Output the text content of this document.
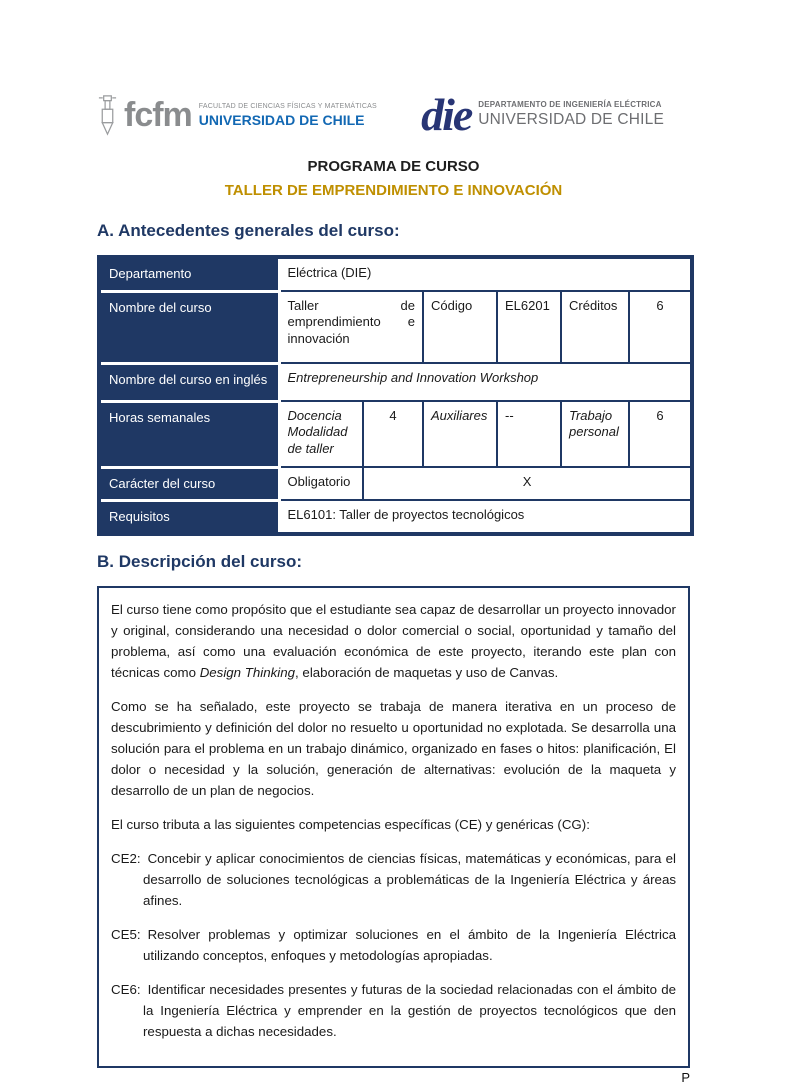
fcfm FACULTAD DE CIENCIAS FÍSICAS Y MATEMÁTICAS
UNIVERSIDAD DE CHILE die DEPARTAMENTO DE INGENIERÍA ELÉCTRICA
UNIVERSIDAD DE CHILE
PROGRAMA DE CURSO
TALLER DE EMPRENDIMIENTO E INNOVACIÓN
A. Antecedentes generales del curso:
Departamento	Eléctrica (DIE)					
Nombre del curso	Taller de emprendimiento e innovación		Código	EL6201	Créditos	6
Nombre del curso en inglés	Entrepreneurship and Innovation Workshop					
Horas semanales	Docencia Modalidad de taller	4	Auxiliares	--	Trabajo personal	6
Carácter del curso	Obligatorio	X				
Requisitos	EL6101: Taller de proyectos tecnológicos					
B. Descripción del curso:

El curso tiene como propósito que el estudiante sea capaz de desarrollar un proyecto innovador y original, considerando una necesidad o dolor comercial o social, oportunidad y tamaño del problema, así como una evaluación económica de este proyecto, iterando este plan con técnicas como Design Thinking, elaboración de maquetas y uso de Canvas.

Como se ha señalado, este proyecto se trabaja de manera iterativa en un proceso de descubrimiento y definición del dolor no resuelto u oportunidad no explotada. Se desarrolla una solución para el problema en un trabajo dinámico, organizado en fases o hitos: planificación, El dolor o necesidad y la solución, generación de alternativas: evolución de la maqueta y desarrollo de un plan de negocios.

El curso tributa a las siguientes competencias específicas (CE) y genéricas (CG):

CE2: Concebir y aplicar conocimientos de ciencias físicas, matemáticas y económicas, para el desarrollo de soluciones tecnológicas a problemáticas de la Ingeniería Eléctrica y áreas afines.

CE5: Resolver problemas y optimizar soluciones en el ámbito de la Ingeniería Eléctrica utilizando conceptos, enfoques y metodologías apropiadas.

CE6: Identificar necesidades presentes y futuras de la sociedad relacionadas con el ámbito de la Ingeniería Eléctrica y emprender en la gestión de proyectos tecnológicos que den respuesta a dichas necesidades.

P
